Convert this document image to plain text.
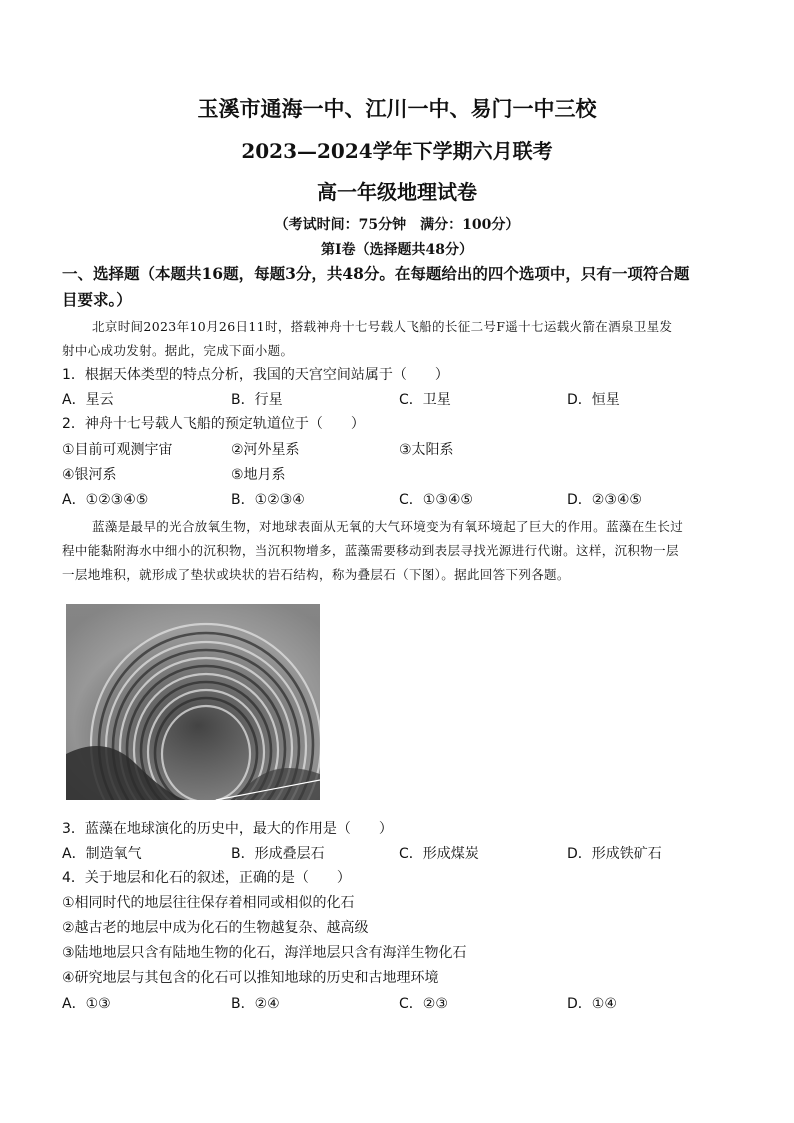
玉溪市通海一中、江川一中、易门一中三校
2023—2024学年下学期六月联考
高一年级地理试卷
（考试时间：75分钟　满分：100分）
第Ⅰ卷（选择题共48分）
一、选择题（本题共16题，每题3分，共48分。在每题给出的四个选项中，只有一项符合题
目要求。）
北京时间2023年10月26日11时，搭载神舟十七号载人飞船的长征二号F遥十七运载火箭在酒泉卫星发
射中心成功发射。据此，完成下面小题。
1．根据天体类型的特点分析，我国的天宫空间站属于（　　）
A．星云	B．行星	C．卫星	D．恒星
2．神舟十七号载人飞船的预定轨道位于（　　）
①目前可观测宇宙	②河外星系	③太阳系
④银河系	⑤地月系
A．①②③④⑤	B．①②③④	C．①③④⑤	D．②③④⑤
蓝藻是最早的光合放氧生物，对地球表面从无氧的大气环境变为有氧环境起了巨大的作用。蓝藻在生长过
程中能黏附海水中细小的沉积物，当沉积物增多，蓝藻需要移动到表层寻找光源进行代谢。这样，沉积物一层
一层地堆积，就形成了垫状或块状的岩石结构，称为叠层石（下图）。据此回答下列各题。
3．蓝藻在地球演化的历史中，最大的作用是（　　）
A．制造氧气	B．形成叠层石	C．形成煤炭	D．形成铁矿石
4．关于地层和化石的叙述，正确的是（　　）
①相同时代的地层往往保存着相同或相似的化石
②越古老的地层中成为化石的生物越复杂、越高级
③陆地地层只含有陆地生物的化石，海洋地层只含有海洋生物化石
④研究地层与其包含的化石可以推知地球的历史和古地理环境
A．①③	B．②④	C．②③	D．①④
